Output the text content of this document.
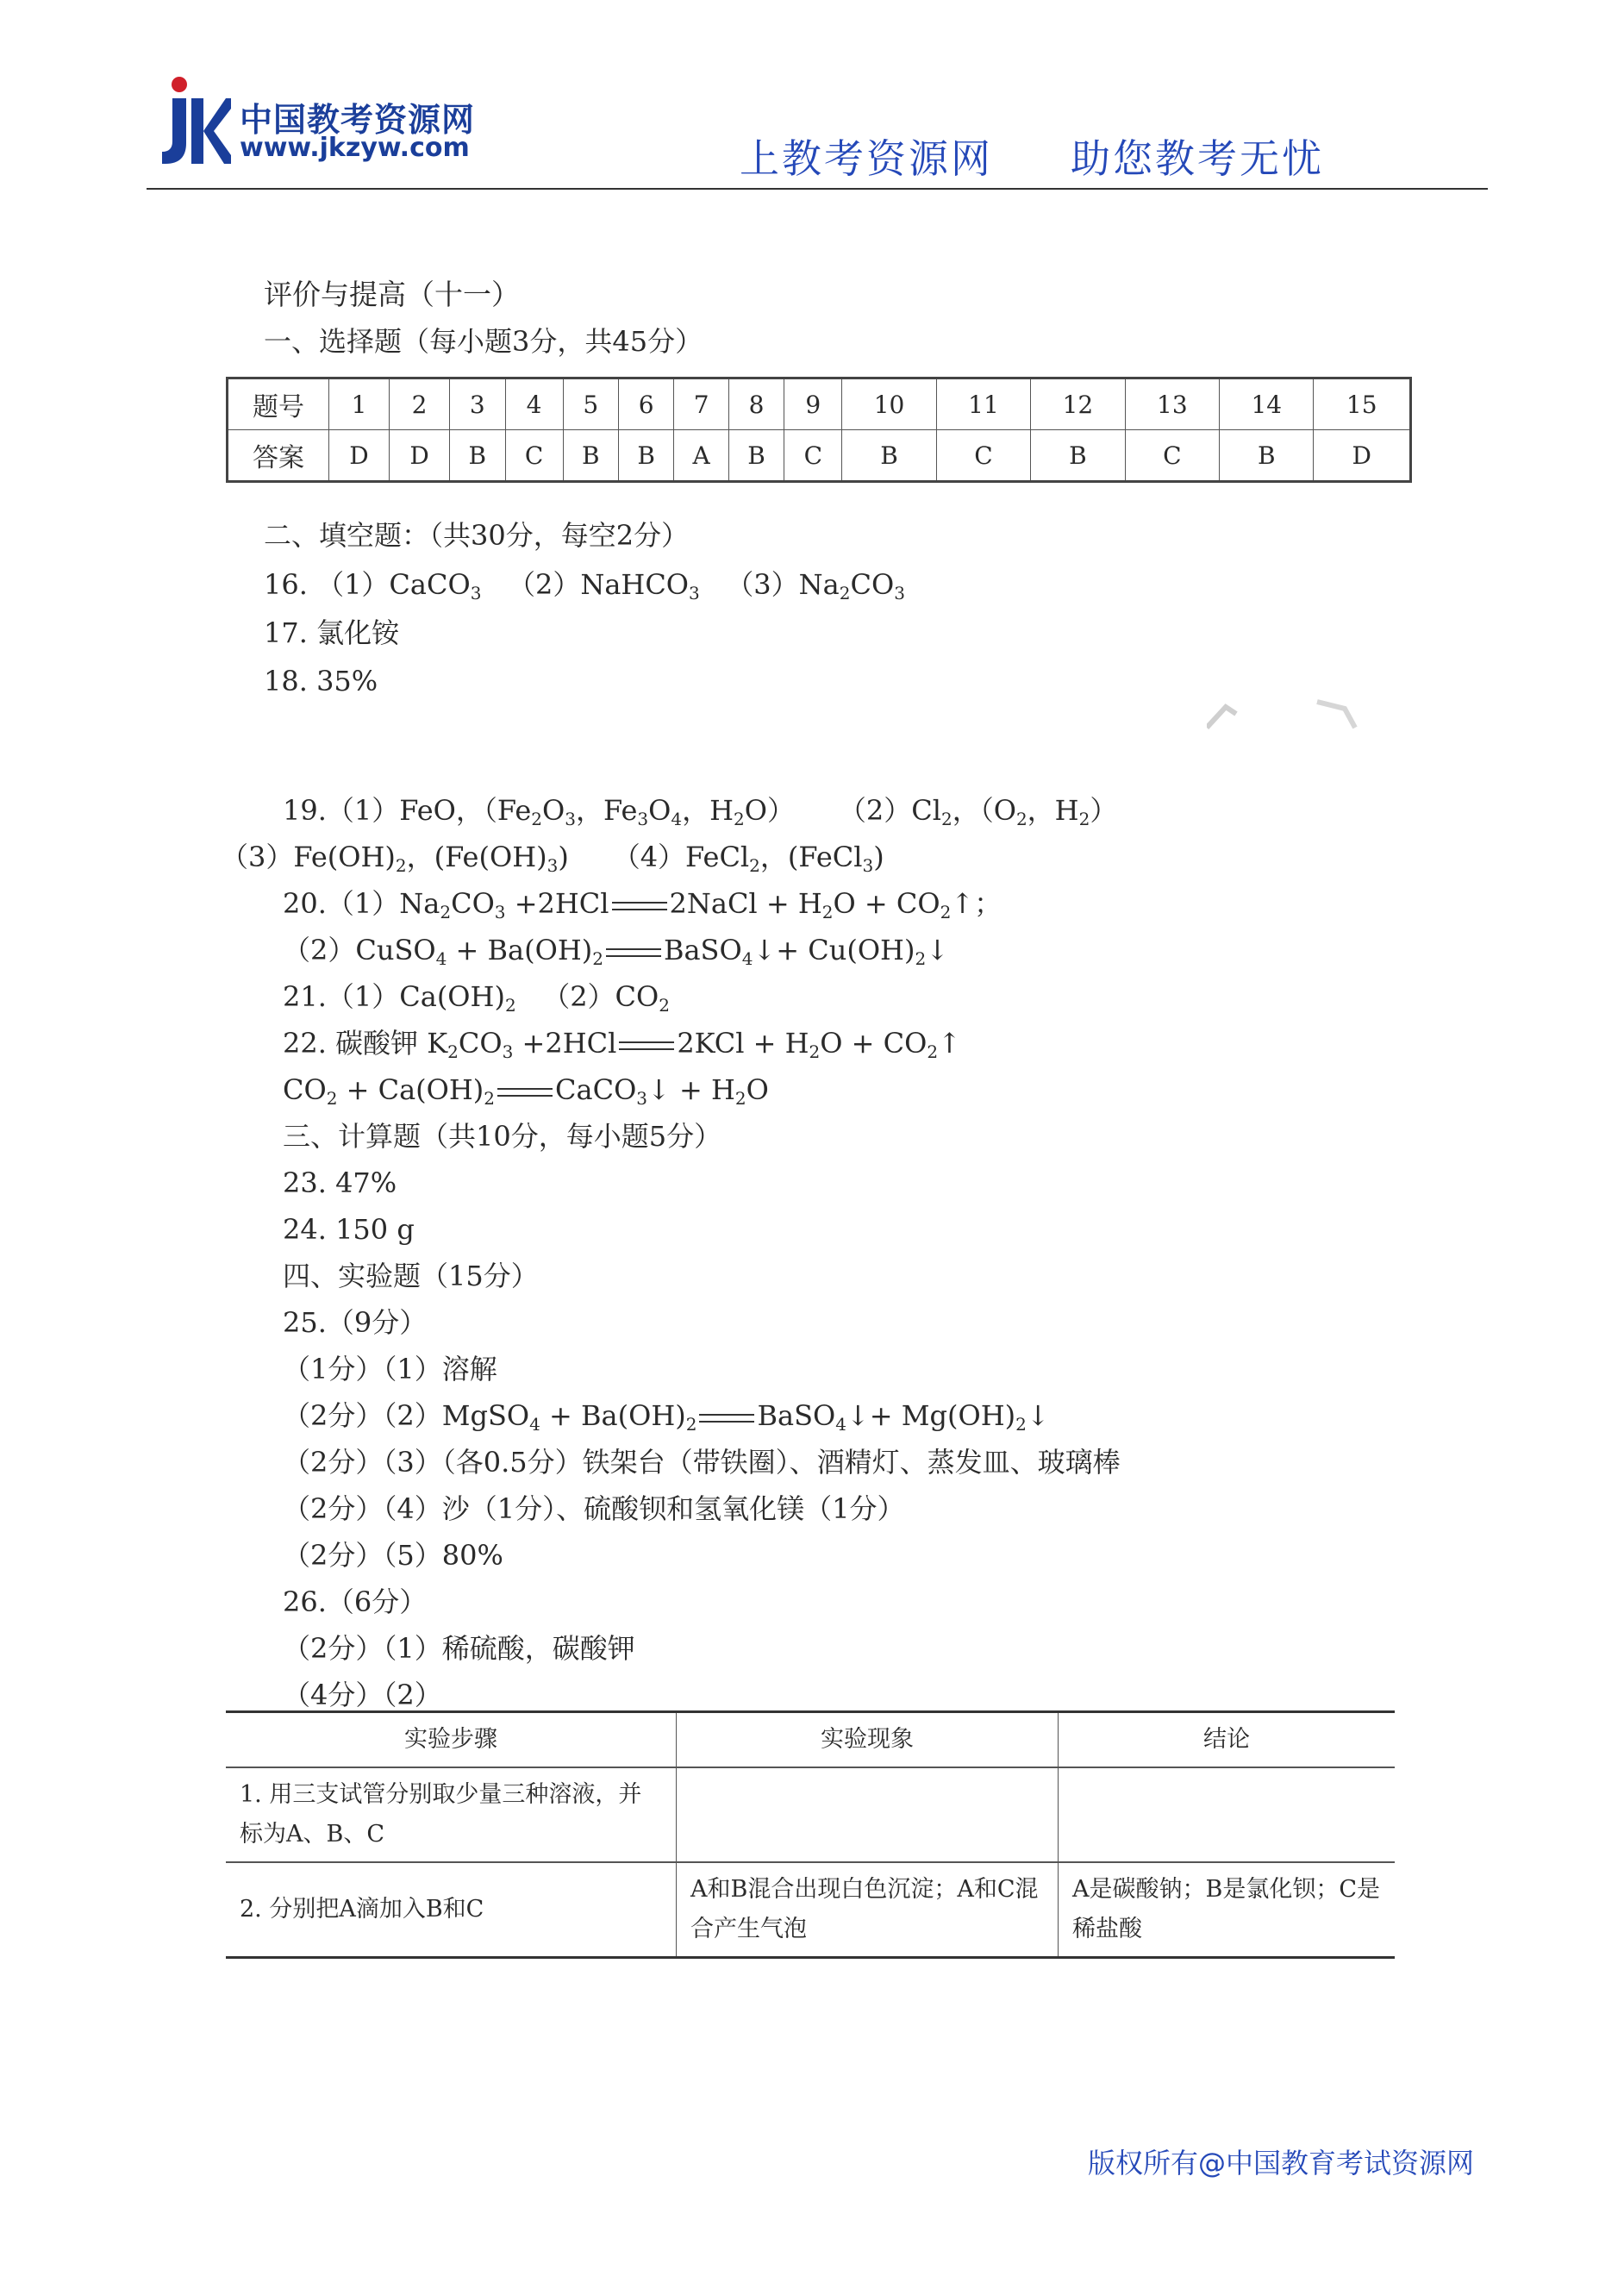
中国教考资源网
www.jkzyw.com	上教考资源网 助您教考无忧
评价与提高（十一）
一、选择题（每小题3分，共45分）
题号	1	2	3	4	5	6	7	8	9	10	11	12	13	14	15
答案	D	D	B	C	B	B	A	B	C	B	C	B	C	B	D
二、填空题：（共30分，每空2分）
16. （1）CaCO$_3$ （2）NaHCO$_3$ $(3)Na_2CO_3$
17. 氯化铵
18. 35%
19.（1）FeO，（$Fe_2O_3$，$Fe_3O_4$，$H_2O$） $(2)Cl_2$，（$O_2$，$H_2$）
$(3)Fe(OH)_2$，$(Fe(OH)_3)$ （4）FeCl$_2$，(FeCl$_3$)
$20.(1)Na_2CO_3 +2HCl$ 2NaCl + $H_2O$ + $CO_2↑$；
（2）CuSO$_4$ + $Ba(OH)_2$ BaSO$_4$↓+ $Cu(OH)_2↓$
$21.(1)Ca(OH)_2$ $(2)CO_2$
22. 碳酸钾 $K_2CO_3 +2HCl$ $2KCl + H_2O$ + $CO_2↑$
$CO_2 + Ca(OH)_2$ CaCO$_3$↓ + $H_2O$
三、计算题（共10分，每小题5分）
23. 47%
24. 150 g
四、实验题（15分）
25.（9分）
（1分）（1）溶解
（2分）（2）MgSO$_4$ + $Ba(OH)_2$ BaSO$_4$↓+ $Mg(OH)_2↓$
（2分）（3）（各0.5分）铁架台（带铁圈）、酒精灯、蒸发皿、玻璃棒
（2分）（4）沙（1分）、硫酸钡和氢氧化镁（1分）
（2分）（5）80%
26.（6分）
（2分）（1）稀硫酸，碳酸钾
（4分）（2）
实验步骤	实验现象	结论
1. 用三支试管分别取少量三种溶液，并标为A、B、C		
2. 分别把A滴加入B和C	A和B混合出现白色沉淀；A和C混合产生气泡	A是碳酸钠；B是氯化钡；C是稀盐酸
版权所有@中国教育考试资源网
